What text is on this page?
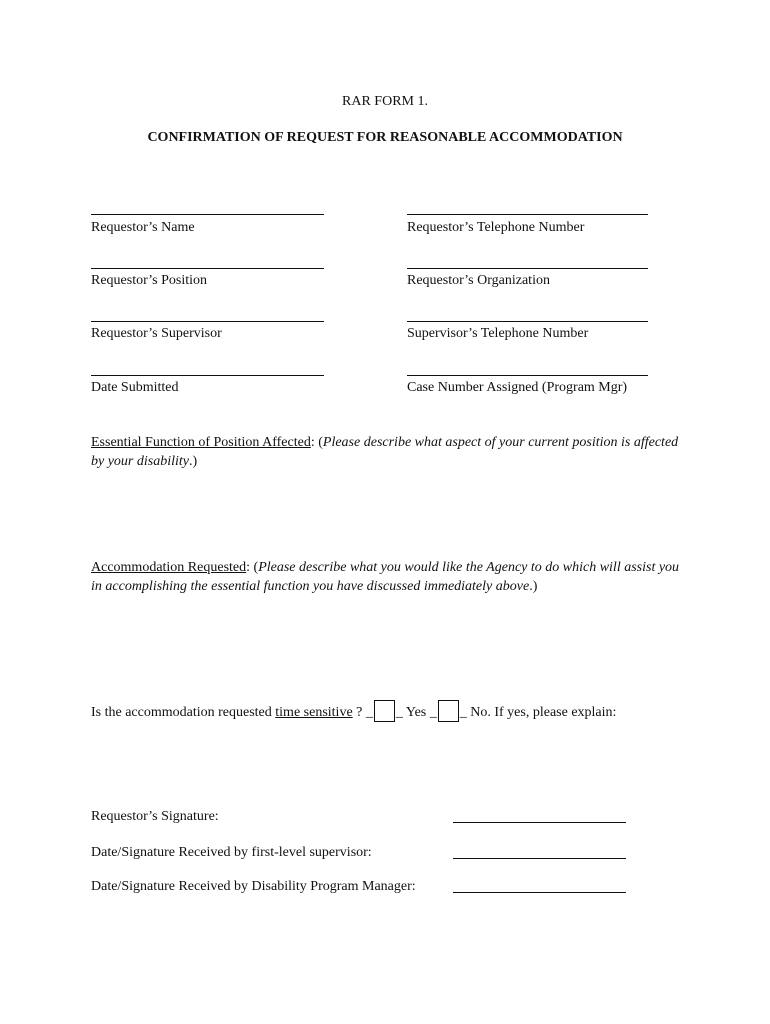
RAR FORM 1.
CONFIRMATION OF REQUEST FOR REASONABLE ACCOMMODATION
Requestor’s Name
Requestor’s Position
Requestor’s Supervisor
Date Submitted
Requestor’s Telephone Number
Requestor’s Organization
Supervisor’s Telephone Number
Case Number Assigned (Program Mgr)
Essential Function of Position Affected: (Please describe what aspect of your current position is affected by your disability.)
Accommodation Requested: (Please describe what you would like the Agency to do which will assist you in accomplishing the essential function you have discussed immediately above.)
Is the accommodation requested time sensitive ? _ _ Yes _ _ No. If yes, please explain:
Requestor’s Signature:
Date/Signature Received by first-level supervisor:
Date/Signature Received by Disability Program Manager:
